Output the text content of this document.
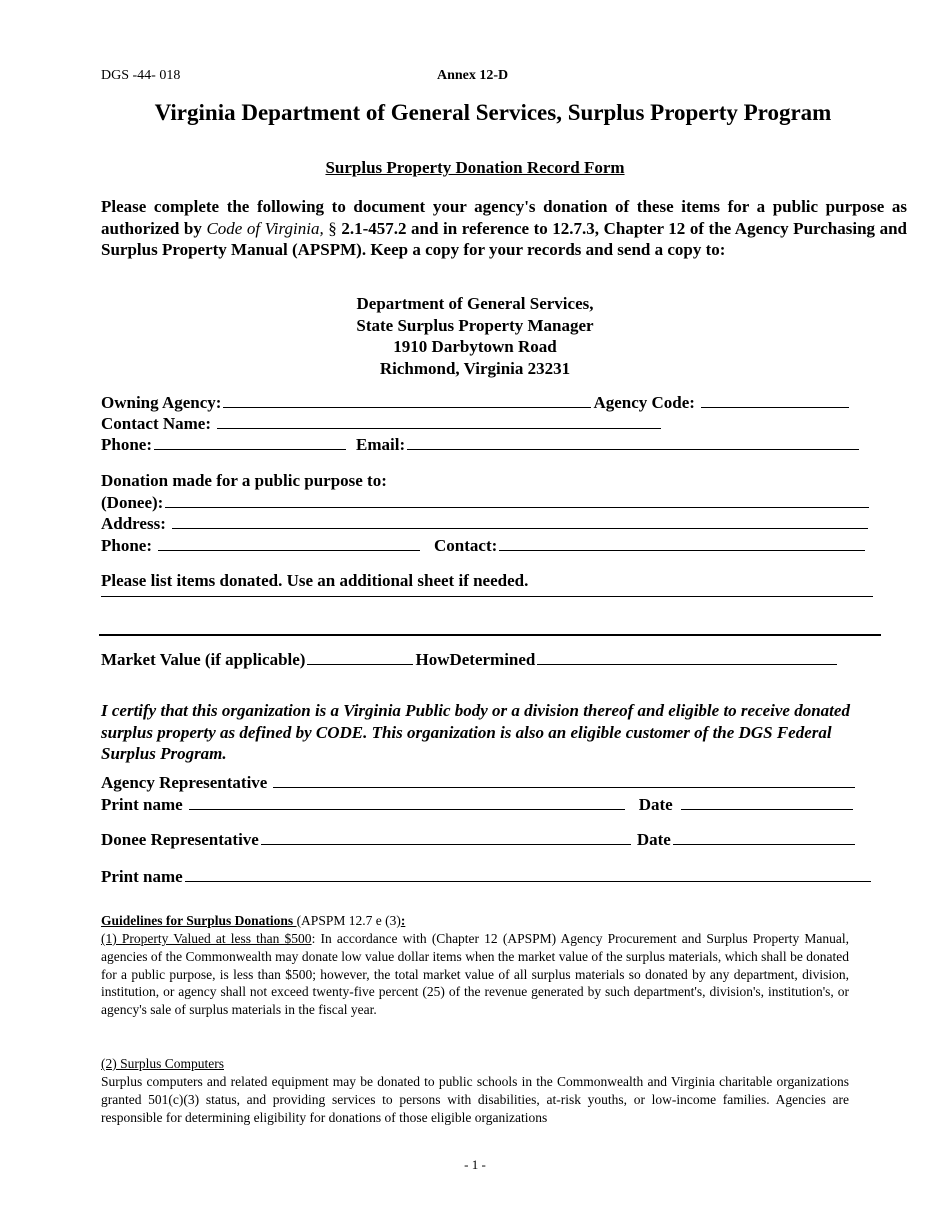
DGS -44- 018	Annex 12-D
Virginia Department of General Services, Surplus Property Program
Surplus Property Donation Record Form
Please complete the following to document your agency's donation of these items for a public purpose as authorized by Code of Virginia, § 2.1-457.2 and in reference to 12.7.3, Chapter 12 of the Agency Purchasing and Surplus Property Manual (APSPM). Keep a copy for your records and send a copy to:
Department of General Services,
State Surplus Property Manager
1910 Darbytown Road
Richmond, Virginia 23231
Owning Agency:	Agency Code:
Contact Name:
Phone:	Email:
Donation made for a public purpose to:
(Donee):
Address:
Phone:	Contact:
Please list items donated. Use an additional sheet if needed.
Market Value (if applicable)	HowDetermined
I certify that this organization is a Virginia Public body or a division thereof and eligible to receive donated surplus property as defined by CODE. This organization is also an eligible customer of the DGS Federal Surplus Program.
Agency Representative
Print name	Date
Donee Representative	Date
Print name
Guidelines for Surplus Donations (APSPM 12.7 e (3):
(1) Property Valued at less than $500: In accordance with (Chapter 12 (APSPM) Agency Procurement and Surplus Property Manual, agencies of the Commonwealth may donate low value dollar items when the market value of the surplus materials, which shall be donated for a public purpose, is less than $500; however, the total market value of all surplus materials so donated by any department, division, institution, or agency shall not exceed twenty-five percent (25) of the revenue generated by such department's, division's, institution's, or agency's sale of surplus materials in the fiscal year.
(2) Surplus Computers
Surplus computers and related equipment may be donated to public schools in the Commonwealth and Virginia charitable organizations granted 501(c)(3) status, and providing services to persons with disabilities, at-risk youths, or low-income families. Agencies are responsible for determining eligibility for donations of those eligible organizations
- 1 -
